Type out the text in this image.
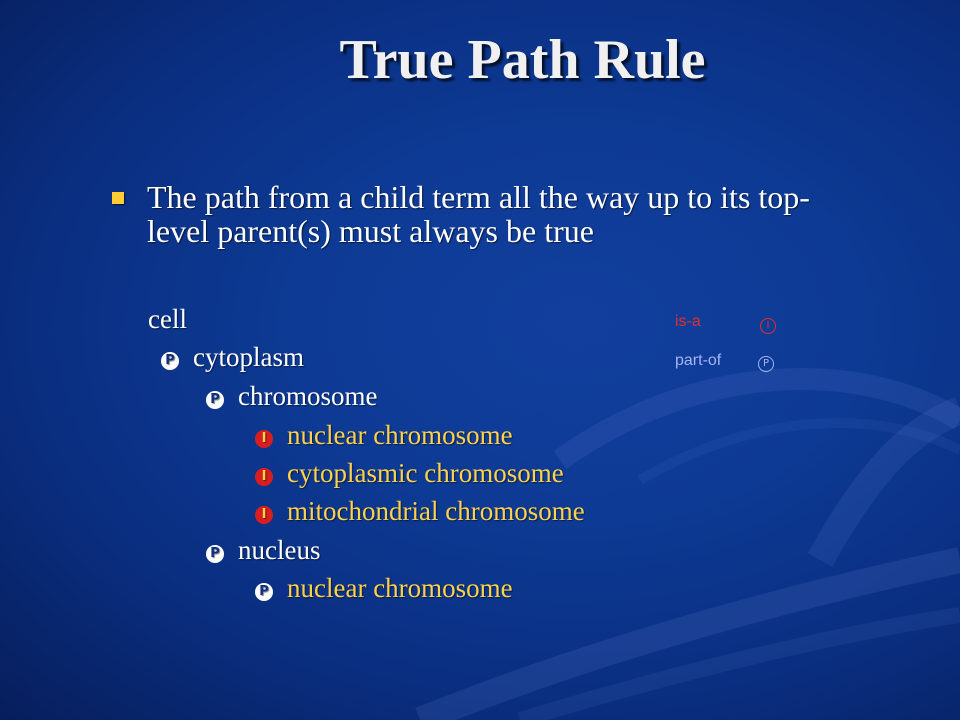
True Path Rule
The path from a child term all the way up to its top-level parent(s) must always be true
cell
P cytoplasm
P chromosome
I nuclear chromosome
I cytoplasmic chromosome
I mitochondrial chromosome
P nucleus
P nuclear chromosome
is-a	I
part-of	P
